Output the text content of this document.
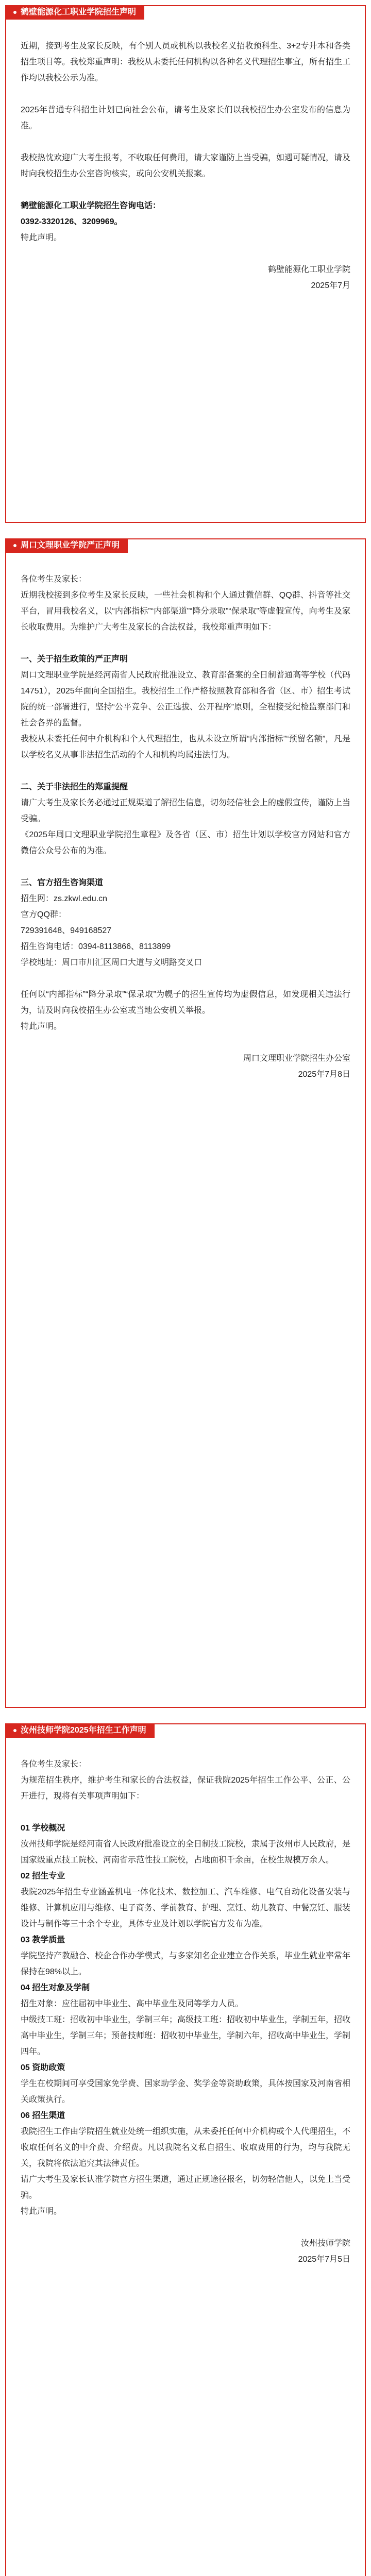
鹤壁能源化工职业学院招生声明
近期，接到考生及家长反映，有个别人员或机构以我校名义招收预科生、3+2专升本和各类招生项目等。我校郑重声明：我校从未委托任何机构以各种名义代理招生事宜，所有招生工作均以我校公示为准。
2025年普通专科招生计划已向社会公布，请考生及家长们以我校招生办公室发布的信息为准。
我校热忱欢迎广大考生报考，不收取任何费用，请大家谨防上当受骗，如遇可疑情况，请及时向我校招生办公室咨询核实，或向公安机关报案。
鹤壁能源化工职业学院招生咨询电话：
0392-3320126、3209969。
特此声明。
鹤壁能源化工职业学院
2025年7月
周口文理职业学院严正声明
各位考生及家长：
近期我校接到多位考生及家长反映，一些社会机构和个人通过微信群、QQ群、抖音等社交平台，冒用我校名义，以“内部指标”“内部渠道”“降分录取”“保录取”等虚假宣传，向考生及家长收取费用。为维护广大考生及家长的合法权益，我校郑重声明如下：
一、关于招生政策的严正声明
周口文理职业学院是经河南省人民政府批准设立、教育部备案的全日制普通高等学校（代码14751），2025年面向全国招生。我校招生工作严格按照教育部和各省（区、市）招生考试院的统一部署进行，坚持“公平竞争、公正选拔、公开程序”原则，全程接受纪检监察部门和社会各界的监督。
我校从未委托任何中介机构和个人代理招生，也从未设立所谓“内部指标”“预留名额”，凡是以学校名义从事非法招生活动的个人和机构均属违法行为。
二、关于非法招生的郑重提醒
请广大考生及家长务必通过正规渠道了解招生信息，切勿轻信社会上的虚假宣传，谨防上当受骗。
《2025年周口文理职业学院招生章程》及各省（区、市）招生计划以学校官方网站和官方微信公众号公布的为准。
三、官方招生咨询渠道
招生网：zs.zkwl.edu.cn
官方QQ群：
729391648、949168527
招生咨询电话：0394-8113866、8113899
学校地址：周口市川汇区周口大道与文明路交叉口
任何以“内部指标”“降分录取”“保录取”为幌子的招生宣传均为虚假信息，如发现相关违法行为，请及时向我校招生办公室或当地公安机关举报。
特此声明。
周口文理职业学院招生办公室
2025年7月8日
汝州技师学院2025年招生工作声明
各位考生及家长：
为规范招生秩序，维护考生和家长的合法权益，保证我院2025年招生工作公平、公正、公开进行，现将有关事项声明如下：
01 学校概况
汝州技师学院是经河南省人民政府批准设立的全日制技工院校，隶属于汝州市人民政府，是国家级重点技工院校、河南省示范性技工院校，占地面积千余亩，在校生规模万余人。
02 招生专业
我院2025年招生专业涵盖机电一体化技术、数控加工、汽车维修、电气自动化设备安装与维修、计算机应用与维修、电子商务、学前教育、护理、烹饪、幼儿教育、中餐烹饪、服装设计与制作等三十余个专业，具体专业及计划以学院官方发布为准。
03 教学质量
学院坚持产教融合、校企合作办学模式，与多家知名企业建立合作关系，毕业生就业率常年保持在98%以上。
04 招生对象及学制
招生对象：应往届初中毕业生、高中毕业生及同等学力人员。
中级技工班：招收初中毕业生，学制三年；高级技工班：招收初中毕业生，学制五年，招收高中毕业生，学制三年；预备技师班：招收初中毕业生，学制六年，招收高中毕业生，学制四年。
05 资助政策
学生在校期间可享受国家免学费、国家助学金、奖学金等资助政策，具体按国家及河南省相关政策执行。
06 招生渠道
我院招生工作由学院招生就业处统一组织实施，从未委托任何中介机构或个人代理招生，不收取任何名义的中介费、介绍费。凡以我院名义私自招生、收取费用的行为，均与我院无关，我院将依法追究其法律责任。
请广大考生及家长认准学院官方招生渠道，通过正规途径报名，切勿轻信他人，以免上当受骗。
特此声明。
汝州技师学院
2025年7月5日
